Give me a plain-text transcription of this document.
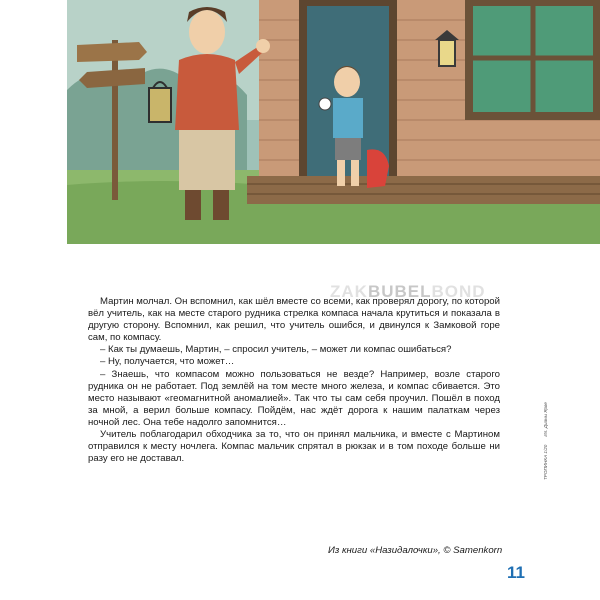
ZAKBUBELBOND

Мартин молчал. Он вспомнил, как шёл вместе со всеми, как проверял дорогу, по которой вёл учитель, как на месте старого рудника стрелка компаса начала крутиться и показала в другую сторону. Вспомнил, как решил, что учитель ошибся, и двинулся к Замковой горе сам, по компасу.

– Как ты думаешь, Мартин, – спросил учитель, – может ли компас ошибаться?

– Ну, получается, что может…

– Знаешь, что компасом можно пользоваться не везде? Например, возле старого рудника он не работает. Под землёй на том месте много железа, и компас сбивается. Это место называют «геомагнитной аномалией». Так что ты сам себя проучил. Пошёл в поход за мной, а верил больше компасу. Пойдём, нас ждёт дорога к нашим палаткам через ночной лес. Она тебе надолго запомнится…

Учитель поблагодарил обходчика за то, что он принял мальчика, и вместе с Мартином отправился к месту ночлега. Компас мальчик спрятал в рюкзак и в том походе больше ни разу его не доставал.	ТРОПИНКА 1/20Ил. Дианы Ярве
Из книги «Назидалочки», © Samenkorn
11
